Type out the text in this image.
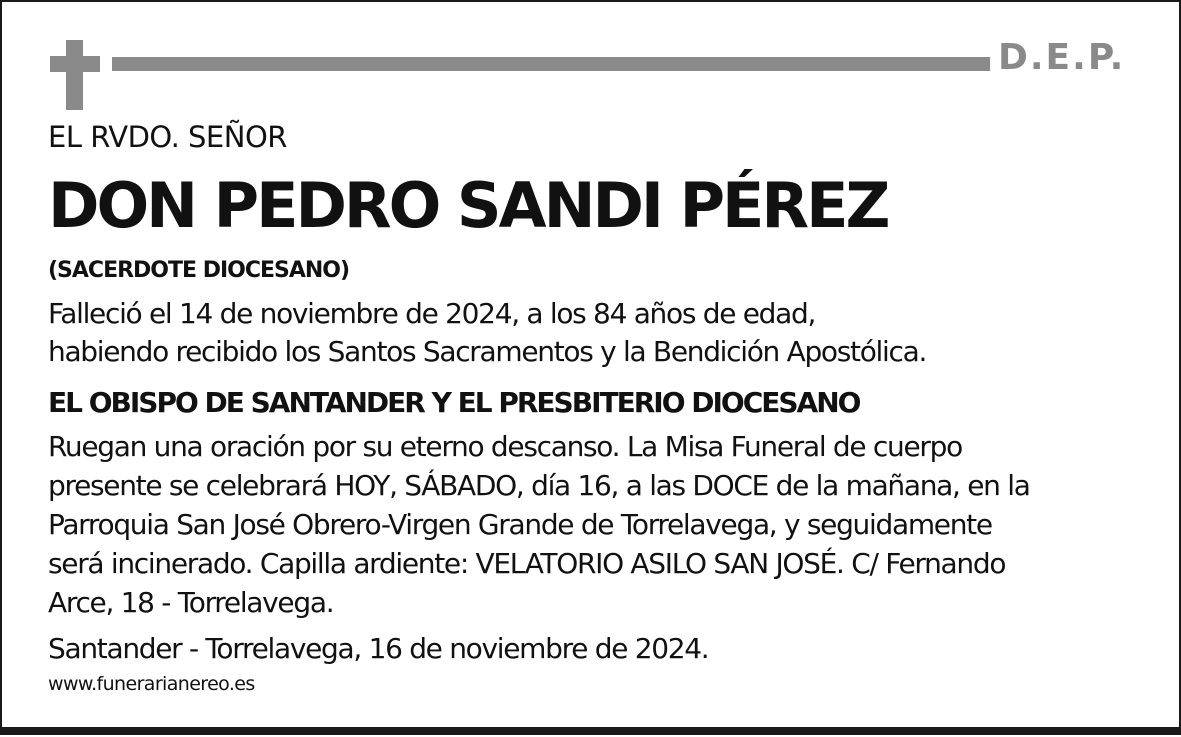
D.E.P.
EL RVDO. SEÑOR
DON PEDRO SANDI PÉREZ
(SACERDOTE DIOCESANO)
Falleció el 14 de noviembre de 2024, a los 84 años de edad,
habiendo recibido los Santos Sacramentos y la Bendición Apostólica.
EL OBISPO DE SANTANDER Y EL PRESBITERIO DIOCESANO
Ruegan una oración por su eterno descanso. La Misa Funeral de cuerpo
presente se celebrará HOY, SÁBADO, día 16, a las DOCE de la mañana, en la
Parroquia San José Obrero-Virgen Grande de Torrelavega, y seguidamente
será incinerado. Capilla ardiente: VELATORIO ASILO SAN JOSÉ. C/ Fernando
Arce, 18 - Torrelavega.
Santander - Torrelavega, 16 de noviembre de 2024.
www.funerarianereo.es
